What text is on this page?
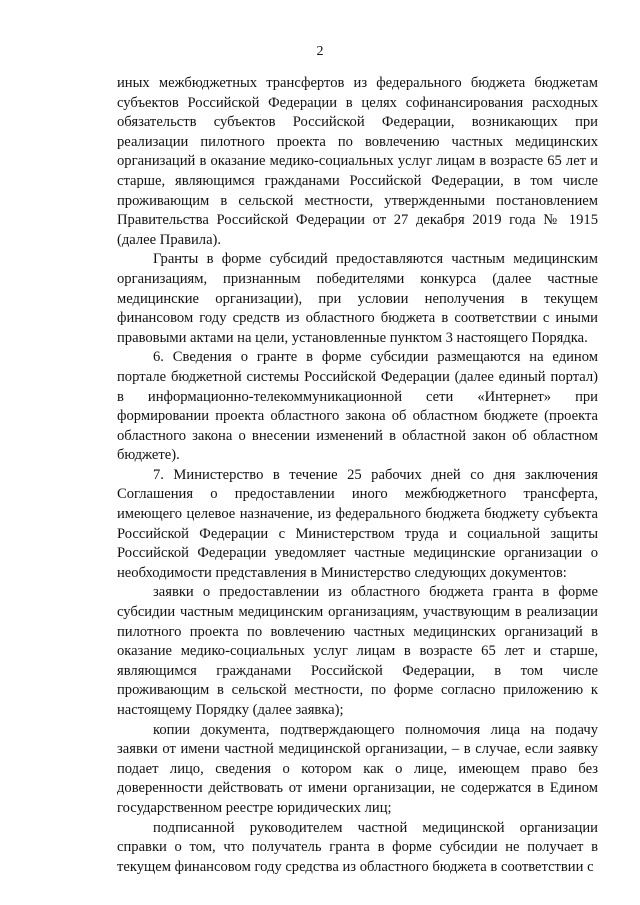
2

иных межбюджетных трансфертов из федерального бюджета бюджетам субъектов Российской Федерации в целях софинансирования расходных обязательств субъектов Российской Федерации, возникающих при реализации пилотного проекта по вовлечению частных медицинских организаций в оказание медико-социальных услуг лицам в возрасте 65 лет и старше, являющимся гражданами Российской Федерации, в том числе проживающим в сельской местности, утвержденными постановлением Правительства Российской Федерации от 27 декабря 2019 года № 1915 (далее Правила).

Гранты в форме субсидий предоставляются частным медицинским организациям, признанным победителями конкурса (далее частные медицинские организации), при условии неполучения в текущем финансовом году средств из областного бюджета в соответствии с иными правовыми актами на цели, установленные пунктом 3 настоящего Порядка.

6. Сведения о гранте в форме субсидии размещаются на едином портале бюджетной системы Российской Федерации (далее единый портал) в информационно-телекоммуникационной сети «Интернет» при формировании проекта областного закона об областном бюджете (проекта областного закона о внесении изменений в областной закон об областном бюджете).

7. Министерство в течение 25 рабочих дней со дня заключения Соглашения о предоставлении иного межбюджетного трансферта, имеющего целевое назначение, из федерального бюджета бюджету субъекта Российской Федерации с Министерством труда и социальной защиты Российской Федерации уведомляет частные медицинские организации о необходимости представления в Министерство следующих документов:

заявки о предоставлении из областного бюджета гранта в форме субсидии частным медицинским организациям, участвующим в реализации пилотного проекта по вовлечению частных медицинских организаций в оказание медико-социальных услуг лицам в возрасте 65 лет и старше, являющимся гражданами Российской Федерации, в том числе проживающим в сельской местности, по форме согласно приложению к настоящему Порядку (далее заявка);

копии документа, подтверждающего полномочия лица на подачу заявки от имени частной медицинской организации, – в случае, если заявку подает лицо, сведения о котором как о лице, имеющем право без доверенности действовать от имени организации, не содержатся в Едином государственном реестре юридических лиц;

подписанной руководителем частной медицинской организации справки о том, что получатель гранта в форме субсидии не получает в текущем финансовом году средства из областного бюджета в соответствии с
